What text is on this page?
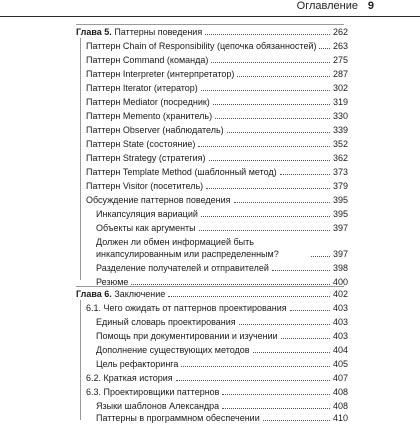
Оглавление 9
Глава 5. Паттерны поведения	262
Паттерн Chain of Responsibility (цепочка обязанностей) 263
Паттерн Command (команда)	275
Паттерн Interpreter (интерпретатор)	287
Паттерн Iterator (итератор)	302
Паттерн Mediator (посредник)	319
Паттерн Memento (хранитель)	330
Паттерн Observer (наблюдатель)	339
Паттерн State (состояние)	352
Паттерн Strategy (стратегия)	362
Паттерн Template Method (шаблонный метод)	373
Паттерн Visitor (посетитель)	379
Обсуждение паттернов поведения	395
Инкапсуляция вариаций	395
Объекты как аргументы	397
Должен ли обмен информацией быть инкапсулированным или распределенным?	397
Разделение получателей и отправителей	398
Резюме	400
Глава 6. Заключение	402
6.1. Чего ожидать от паттернов проектирования	403
Единый словарь проектирования	403
Помощь при документировании и изучении	403
Дополнение существующих методов	404
Цель рефакторинга	405
6.2. Краткая история	407
6.3. Проектировщики паттернов	408
Языки шаблонов Александра	408
Паттерны в программном обеспечении	410
